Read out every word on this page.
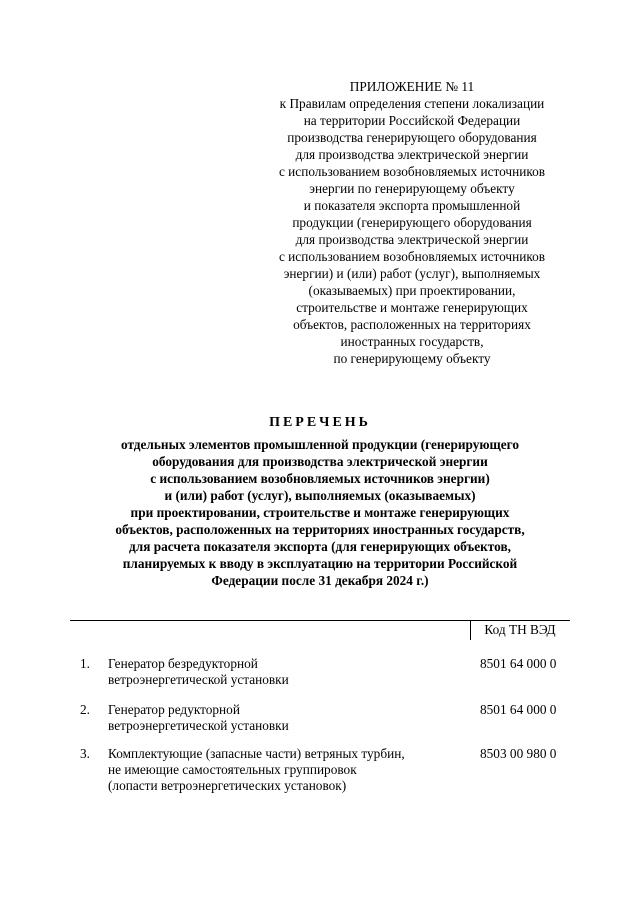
ПРИЛОЖЕНИЕ № 11
к Правилам определения степени локализации
на территории Российской Федерации
производства генерирующего оборудования
для производства электрической энергии
с использованием возобновляемых источников
энергии по генерирующему объекту
и показателя экспорта промышленной
продукции (генерирующего оборудования
для производства электрической энергии
с использованием возобновляемых источников
энергии) и (или) работ (услуг), выполняемых
(оказываемых) при проектировании,
строительстве и монтаже генерирующих
объектов, расположенных на территориях
иностранных государств,
по генерирующему объекту
ПЕРЕЧЕНЬ
отдельных элементов промышленной продукции (генерирующего
оборудования для производства электрической энергии
с использованием возобновляемых источников энергии)
и (или) работ (услуг), выполняемых (оказываемых)
при проектировании, строительстве и монтаже генерирующих
объектов, расположенных на территориях иностранных государств,
для расчета показателя экспорта (для генерирующих объектов,
планируемых к вводу в эксплуатацию на территории Российской
Федерации после 31 декабря 2024 г.)
Код ТН ВЭД
1. Генератор безредукторной
ветроэнергетической установки
8501 64 000 0
2. Генератор редукторной
ветроэнергетической установки
8501 64 000 0
3. Комплектующие (запасные части) ветряных турбин,
не имеющие самостоятельных группировок
(лопасти ветроэнергетических установок)
8503 00 980 0
